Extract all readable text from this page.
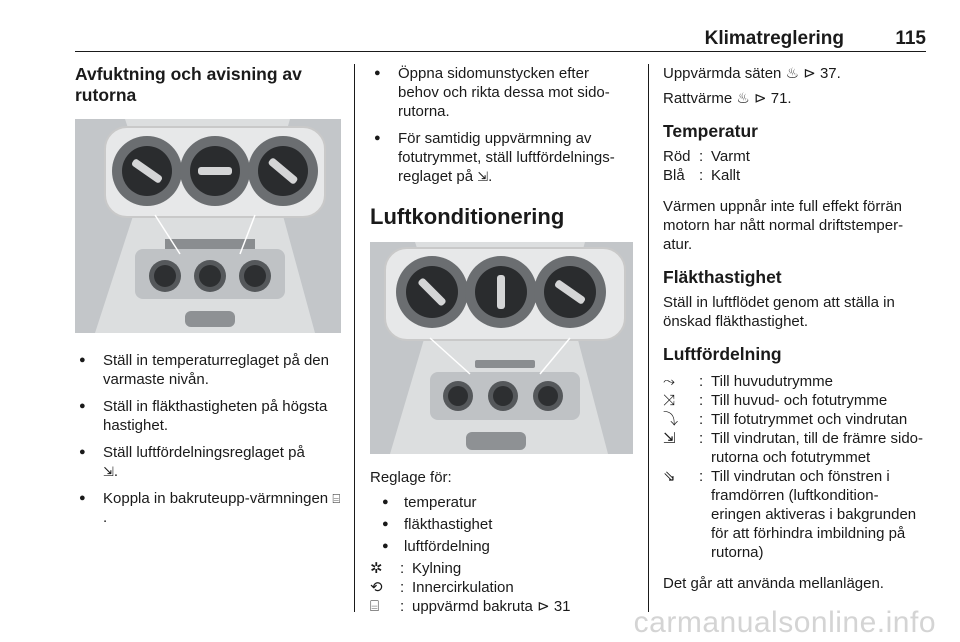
Klimatreglering	115
Avfuktning och avisning av rutorna
● Ställ in temperaturreglaget på den varmaste nivån.
● Ställ in fläkthastigheten på högsta hastighet.
● Ställ luftfördelningsreglaget på
⇲.
● Koppla in bakruteupp-värmningen ⌸.
● Öppna sidomunstycken efter behov och rikta dessa mot sido-rutorna.
● För samtidig uppvärmning av fotutrymmet, ställ luftfördelnings-reglaget på ⇲.
Luftkonditionering
Reglage för:
● temperatur
● fläkthastighet
● luftfördelning
✲	:	Kylning
⟲	:	Innercirkulation
⌸	:	uppvärmd bakruta ⊳ 31
Uppvärmda säten ♨ ⊳ 37.
Rattvärme ♨ ⊳ 71.
Temperatur
Röd	:	Varmt
Blå	:	Kallt
Värmen uppnår inte full effekt förrän motorn har nått normal driftstemper-atur.
Fläkthastighet
Ställ in luftflödet genom att ställa in önskad fläkthastighet.
Luftfördelning
⤳	:	Till huvudutrymme
⤨	:	Till huvud- och fotutrymme
⤵	:	Till fotutrymmet och vindrutan
⇲	:	Till vindrutan, till de främre sido-rutorna och fotutrymmet
⇘	:	Till vindrutan och fönstren i framdörren (luftkondition-eringen aktiveras i bakgrunden för att förhindra imbildning på rutorna)
Det går att använda mellanlägen.
carmanualsonline.info
